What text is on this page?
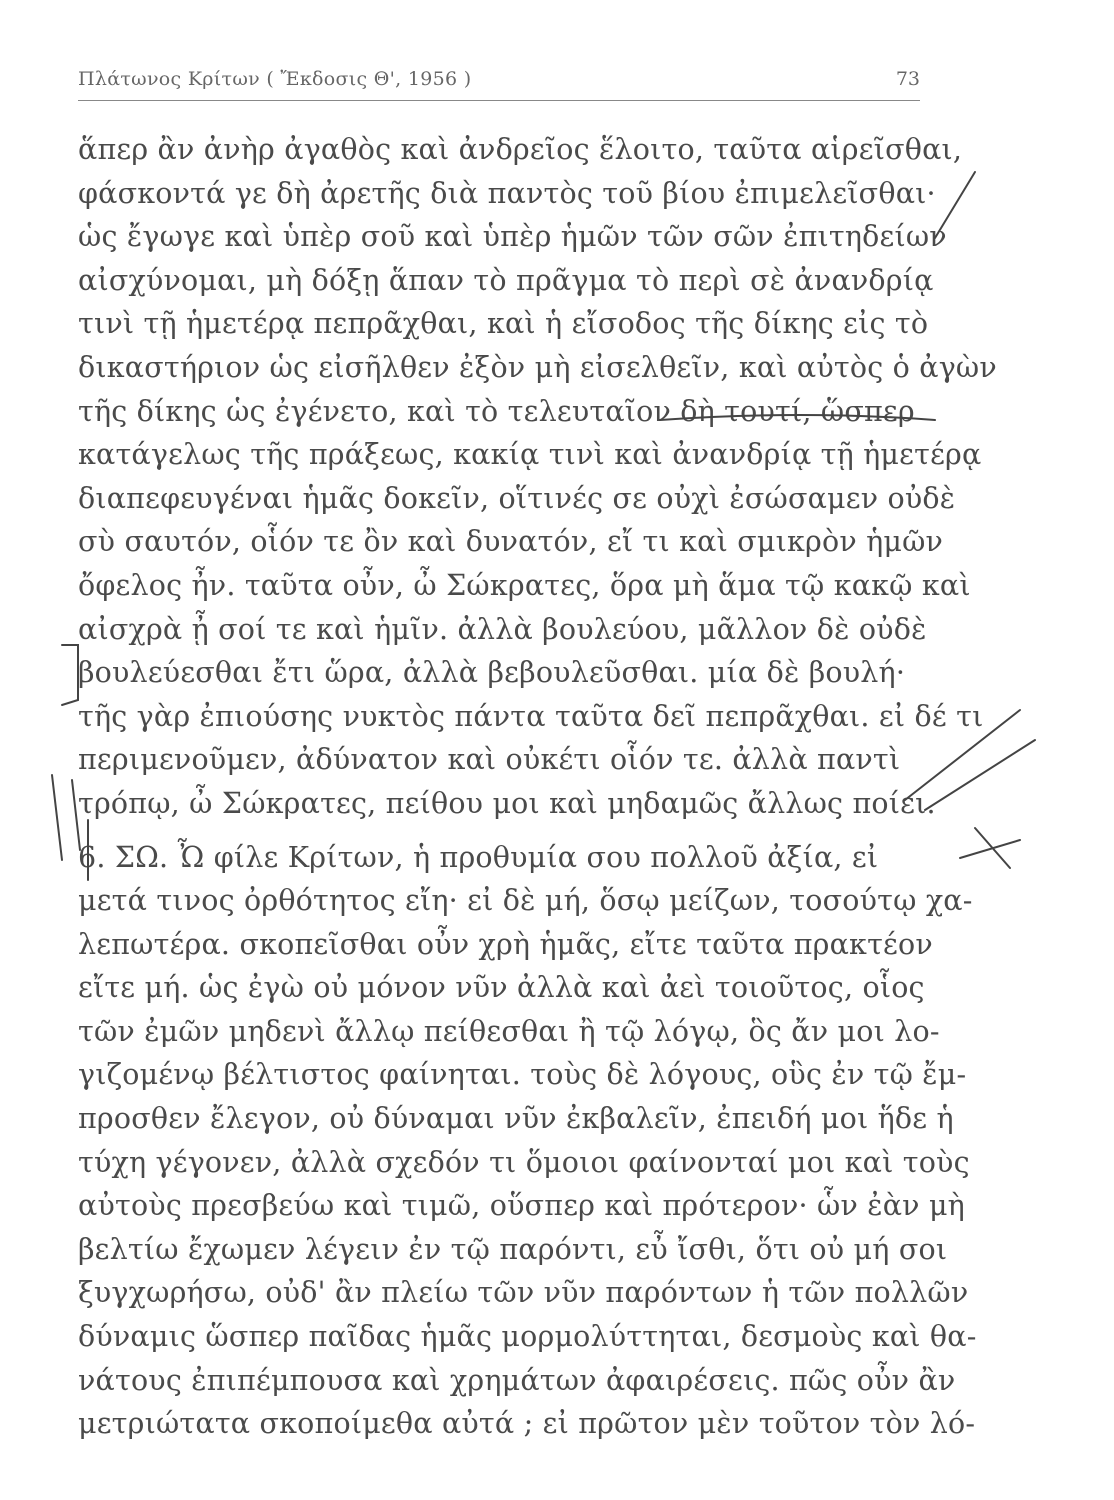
Πλάτωνος Κρίτων ( Ἔκδοσις Θ', 1956 )	73
ἅπερ ἂν ἀνὴρ ἀγαθὸς καὶ ἀνδρεῖος ἕλοιτο, ταῦτα αἱρεῖσθαι,
φάσκοντά γε δὴ ἀρετῆς διὰ παντὸς τοῦ βίου ἐπιμελεῖσθαι·
ὡς ἔγωγε καὶ ὑπὲρ σοῦ καὶ ὑπὲρ ἡμῶν τῶν σῶν ἐπιτηδείων
αἰσχύνομαι, μὴ δόξῃ ἅπαν τὸ πρᾶγμα τὸ περὶ σὲ ἀνανδρίᾳ
τινὶ τῇ ἡμετέρᾳ πεπρᾶχθαι, καὶ ἡ εἴσοδος τῆς δίκης εἰς τὸ
δικαστήριον ὡς εἰσῆλθεν ἐξὸν μὴ εἰσελθεῖν, καὶ αὐτὸς ὁ ἀγὼν
τῆς δίκης ὡς ἐγένετο, καὶ τὸ τελευταῖον δὴ τουτί, ὥσπερ
κατάγελως τῆς πράξεως, κακίᾳ τινὶ καὶ ἀνανδρίᾳ τῇ ἡμετέρᾳ
διαπεφευγέναι ἡμᾶς δοκεῖν, οἵτινές σε οὐχὶ ἐσώσαμεν οὐδὲ
σὺ σαυτόν, οἷόν τε ὂν καὶ δυνατόν, εἴ τι καὶ σμικρὸν ἡμῶν
ὄφελος ἦν. ταῦτα οὖν, ὦ Σώκρατες, ὅρα μὴ ἅμα τῷ κακῷ καὶ
αἰσχρὰ ᾖ σοί τε καὶ ἡμῖν. ἀλλὰ βουλεύου, μᾶλλον δὲ οὐδὲ
βουλεύεσθαι ἔτι ὥρα, ἀλλὰ βεβουλεῦσθαι. μία δὲ βουλή·
τῆς γὰρ ἐπιούσης νυκτὸς πάντα ταῦτα δεῖ πεπρᾶχθαι. εἰ δέ τι
περιμενοῦμεν, ἀδύνατον καὶ οὐκέτι οἷόν τε. ἀλλὰ παντὶ
τρόπῳ, ὦ Σώκρατες, πείθου μοι καὶ μηδαμῶς ἄλλως ποίει.
6. ΣΩ. Ὦ φίλε Κρίτων, ἡ προθυμία σου πολλοῦ ἀξία, εἰ
μετά τινος ὀρθότητος εἴη· εἰ δὲ μή, ὅσῳ μείζων, τοσούτῳ χα-
λεπωτέρα. σκοπεῖσθαι οὖν χρὴ ἡμᾶς, εἴτε ταῦτα πρακτέον
εἴτε μή. ὡς ἐγὼ οὐ μόνον νῦν ἀλλὰ καὶ ἀεὶ τοιοῦτος, οἷος
τῶν ἐμῶν μηδενὶ ἄλλῳ πείθεσθαι ἢ τῷ λόγῳ, ὃς ἄν μοι λο-
γιζομένῳ βέλτιστος φαίνηται. τοὺς δὲ λόγους, οὓς ἐν τῷ ἔμ-
προσθεν ἔλεγον, οὐ δύναμαι νῦν ἐκβαλεῖν, ἐπειδή μοι ἥδε ἡ
τύχη γέγονεν, ἀλλὰ σχεδόν τι ὅμοιοι φαίνονταί μοι καὶ τοὺς
αὐτοὺς πρεσβεύω καὶ τιμῶ, οὕσπερ καὶ πρότερον· ὧν ἐὰν μὴ
βελτίω ἔχωμεν λέγειν ἐν τῷ παρόντι, εὖ ἴσθι, ὅτι οὐ μή σοι
ξυγχωρήσω, οὐδ' ἂν πλείω τῶν νῦν παρόντων ἡ τῶν πολλῶν
δύναμις ὥσπερ παῖδας ἡμᾶς μορμολύττηται, δεσμοὺς καὶ θα-
νάτους ἐπιπέμπουσα καὶ χρημάτων ἀφαιρέσεις. πῶς οὖν ἂν
μετριώτατα σκοποίμεθα αὐτά ; εἰ πρῶτον μὲν τοῦτον τὸν λό-
